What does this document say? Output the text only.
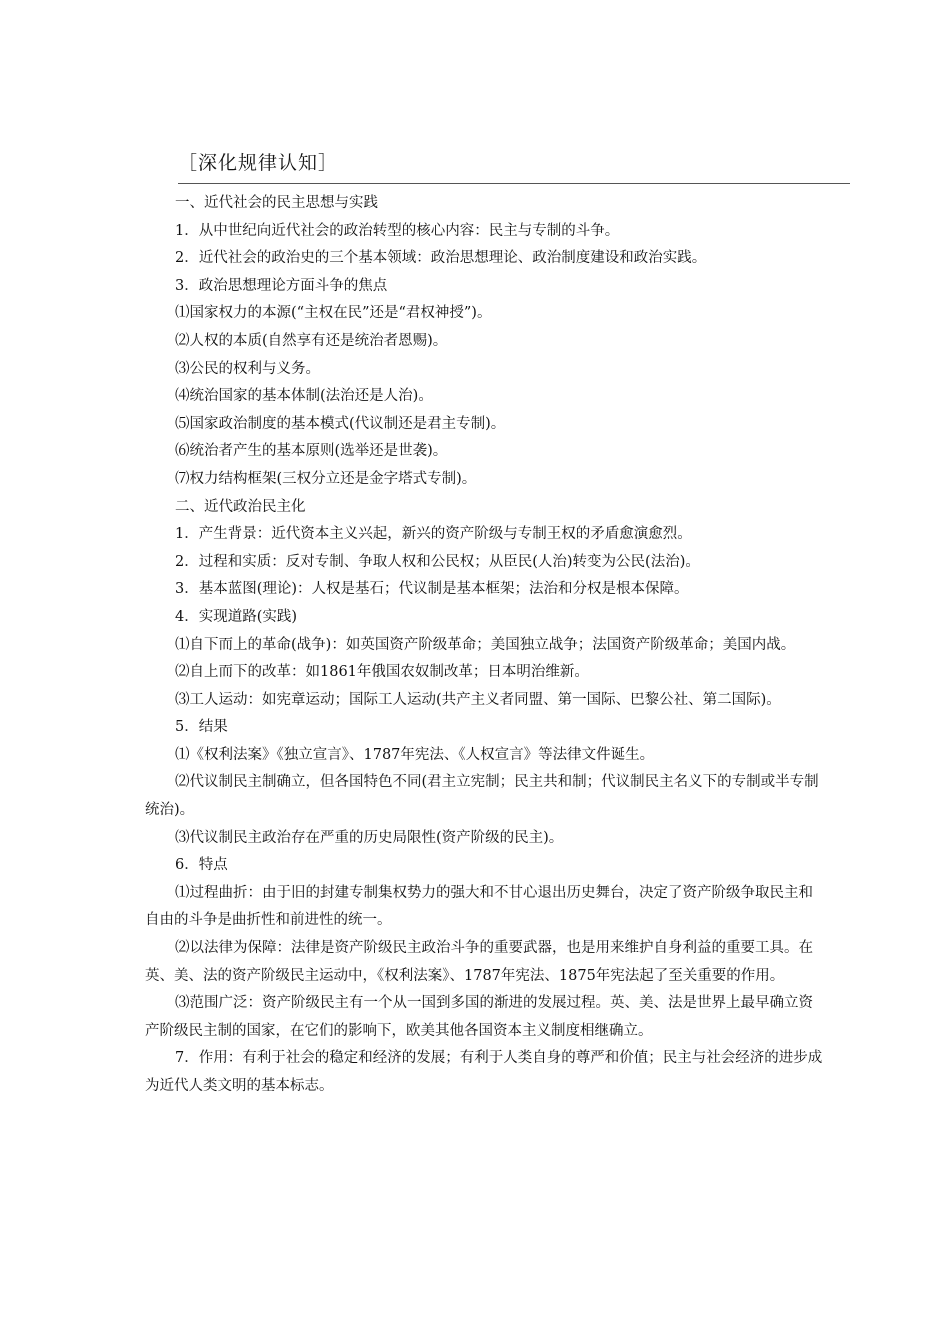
［深化规律认知］

一、近代社会的民主思想与实践

1．从中世纪向近代社会的政治转型的核心内容：民主与专制的斗争。

2．近代社会的政治史的三个基本领域：政治思想理论、政治制度建设和政治实践。

3．政治思想理论方面斗争的焦点

⑴国家权力的本源(“主权在民”还是“君权神授”)。

⑵人权的本质(自然享有还是统治者恩赐)。

⑶公民的权利与义务。

⑷统治国家的基本体制(法治还是人治)。

⑸国家政治制度的基本模式(代议制还是君主专制)。

⑹统治者产生的基本原则(选举还是世袭)。

⑺权力结构框架(三权分立还是金字塔式专制)。

二、近代政治民主化

1．产生背景：近代资本主义兴起，新兴的资产阶级与专制王权的矛盾愈演愈烈。

2．过程和实质：反对专制、争取人权和公民权；从臣民(人治)转变为公民(法治)。

3．基本蓝图(理论)：人权是基石；代议制是基本框架；法治和分权是根本保障。

4．实现道路(实践)

⑴自下而上的革命(战争)：如英国资产阶级革命；美国独立战争；法国资产阶级革命；美国内战。

⑵自上而下的改革：如1861年俄国农奴制改革；日本明治维新。

⑶工人运动：如宪章运动；国际工人运动(共产主义者同盟、第一国际、巴黎公社、第二国际)。

5．结果

⑴《权利法案》《独立宣言》、1787年宪法、《人权宣言》等法律文件诞生。

⑵代议制民主制确立，但各国特色不同(君主立宪制；民主共和制；代议制民主名义下的专制或半专制统治)。

⑶代议制民主政治存在严重的历史局限性(资产阶级的民主)。

6．特点

⑴过程曲折：由于旧的封建专制集权势力的强大和不甘心退出历史舞台，决定了资产阶级争取民主和自由的斗争是曲折性和前进性的统一。

⑵以法律为保障：法律是资产阶级民主政治斗争的重要武器，也是用来维护自身利益的重要工具。在英、美、法的资产阶级民主运动中，《权利法案》、1787年宪法、1875年宪法起了至关重要的作用。

⑶范围广泛：资产阶级民主有一个从一国到多国的渐进的发展过程。英、美、法是世界上最早确立资产阶级民主制的国家，在它们的影响下，欧美其他各国资本主义制度相继确立。

7．作用：有利于社会的稳定和经济的发展；有利于人类自身的尊严和价值；民主与社会经济的进步成为近代人类文明的基本标志。
